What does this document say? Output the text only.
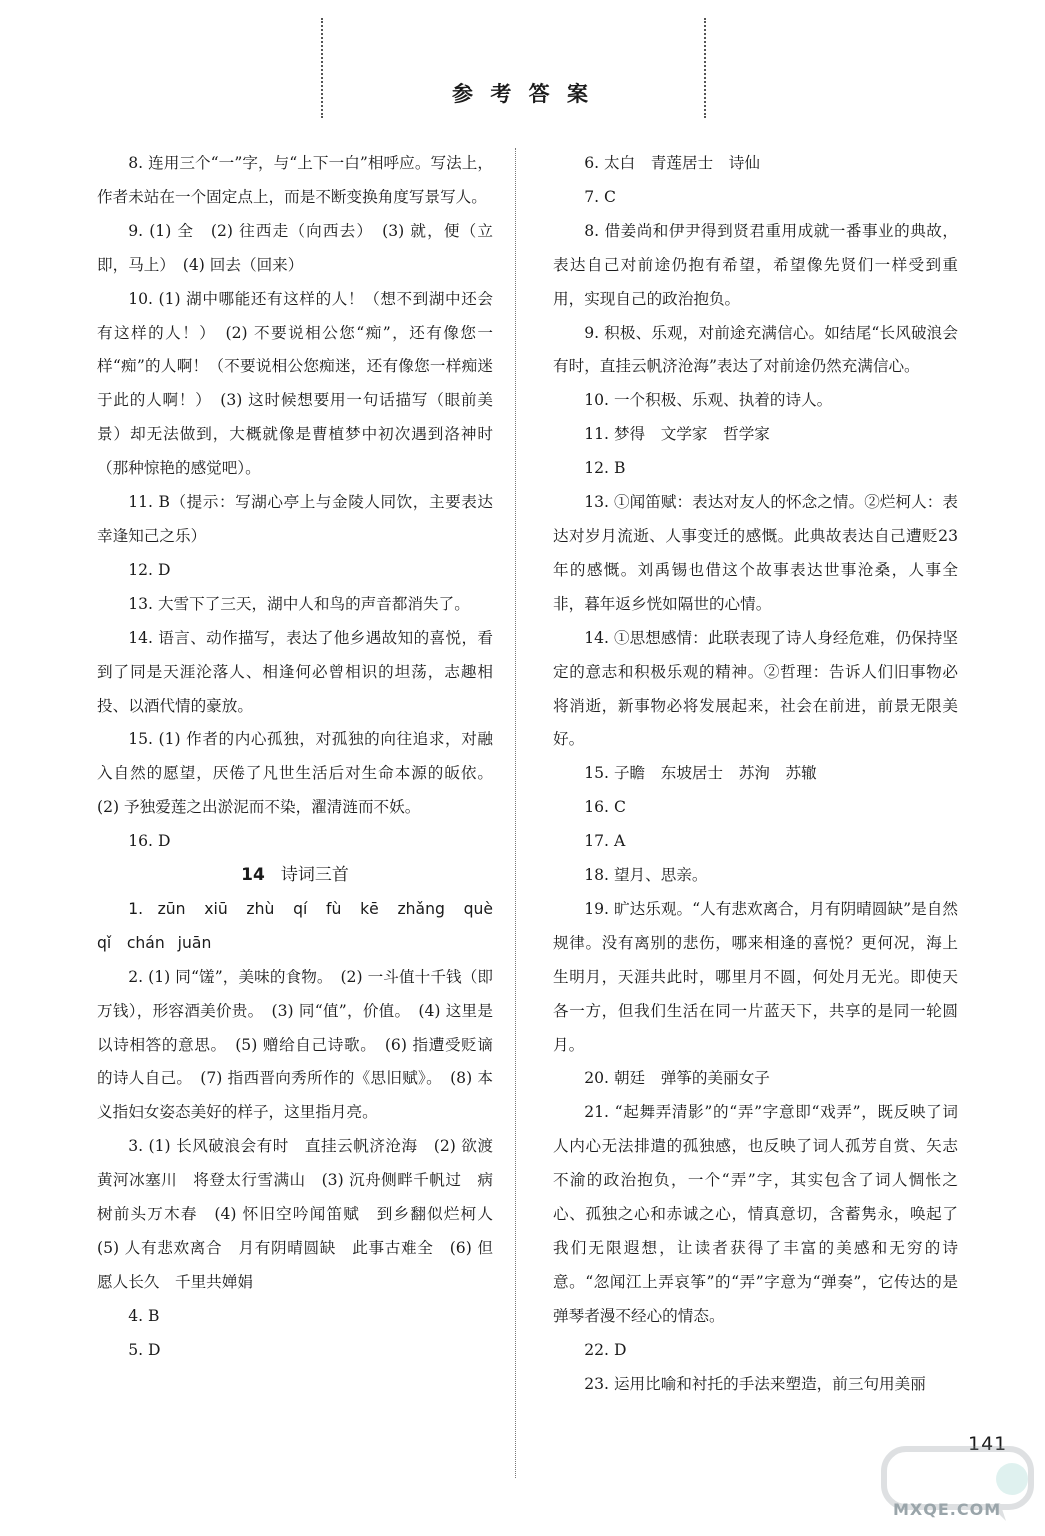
参 考 答 案

8. 连用三个“一”字，与“上下一白”相呼应。写法上，作者未站在一个固定点上，而是不断变换角度写景写人。

9. (1) 全　(2) 往西走（向西去）　(3) 就，便（立即，马上）　(4) 回去（回来）

10. (1) 湖中哪能还有这样的人！（想不到湖中还会有这样的人！）　(2) 不要说相公您“痴”，还有像您一样“痴”的人啊！（不要说相公您痴迷，还有像您一样痴迷于此的人啊！）　(3) 这时候想要用一句话描写（眼前美景）却无法做到，大概就像是曹植梦中初次遇到洛神时（那种惊艳的感觉吧）。

11. B（提示：写湖心亭上与金陵人同饮，主要表达幸逢知己之乐）

12. D

13. 大雪下了三天，湖中人和鸟的声音都消失了。

14. 语言、动作描写，表达了他乡遇故知的喜悦，看到了同是天涯沦落人、相逢何必曾相识的坦荡，志趣相投、以酒代情的豪放。

15. (1) 作者的内心孤独，对孤独的向往追求，对融入自然的愿望，厌倦了凡世生活后对生命本源的皈依。(2) 予独爱莲之出淤泥而不染，濯清涟而不妖。

16. D

14 诗词三首

1. zūn　xiū　zhù　qí　fù　kē　zhǎng　què　qǐ　chán juān

2. (1) 同“馐”，美味的食物。　(2) 一斗值十千钱（即万钱），形容酒美价贵。　(3) 同“值”，价值。　(4) 这里是以诗相答的意思。　(5) 赠给自己诗歌。　(6) 指遭受贬谪的诗人自己。　(7) 指西晋向秀所作的《思旧赋》。　(8) 本义指妇女姿态美好的样子，这里指月亮。

3. (1) 长风破浪会有时　直挂云帆济沧海　(2) 欲渡黄河冰塞川　将登太行雪满山　(3) 沉舟侧畔千帆过　病树前头万木春　(4) 怀旧空吟闻笛赋　到乡翻似烂柯人　(5) 人有悲欢离合　月有阴晴圆缺　此事古难全　(6) 但愿人长久　千里共婵娟

4. B

5. D

6. 太白　青莲居士　诗仙

7. C

8. 借姜尚和伊尹得到贤君重用成就一番事业的典故，表达自己对前途仍抱有希望，希望像先贤们一样受到重用，实现自己的政治抱负。

9. 积极、乐观，对前途充满信心。如结尾“长风破浪会有时，直挂云帆济沧海”表达了对前途仍然充满信心。

10. 一个积极、乐观、执着的诗人。

11. 梦得　文学家　哲学家

12. B

13. ①闻笛赋：表达对友人的怀念之情。②烂柯人：表达对岁月流逝、人事变迁的感慨。此典故表达自己遭贬23年的感慨。刘禹锡也借这个故事表达世事沧桑，人事全非，暮年返乡恍如隔世的心情。

14. ①思想感情：此联表现了诗人身经危难，仍保持坚定的意志和积极乐观的精神。②哲理：告诉人们旧事物必将消逝，新事物必将发展起来，社会在前进，前景无限美好。

15. 子瞻　东坡居士　苏洵　苏辙

16. C

17. A

18. 望月、思亲。

19. 旷达乐观。“人有悲欢离合，月有阴晴圆缺”是自然规律。没有离别的悲伤，哪来相逢的喜悦？更何况，海上生明月，天涯共此时，哪里月不圆，何处月无光。即使天各一方，但我们生活在同一片蓝天下，共享的是同一轮圆月。

20. 朝廷　弹筝的美丽女子

21. “起舞弄清影”的“弄”字意即“戏弄”，既反映了词人内心无法排遣的孤独感，也反映了词人孤芳自赏、矢志不渝的政治抱负，一个“弄”字，其实包含了词人惆怅之心、孤独之心和赤诚之心，情真意切，含蓄隽永，唤起了我们无限遐想，让读者获得了丰富的美感和无穷的诗意。“忽闻江上弄哀筝”的“弄”字意为“弹奏”，它传达的是弹琴者漫不经心的情态。

22. D

23. 运用比喻和衬托的手法来塑造，前三句用美丽

141
MXQE.COM
